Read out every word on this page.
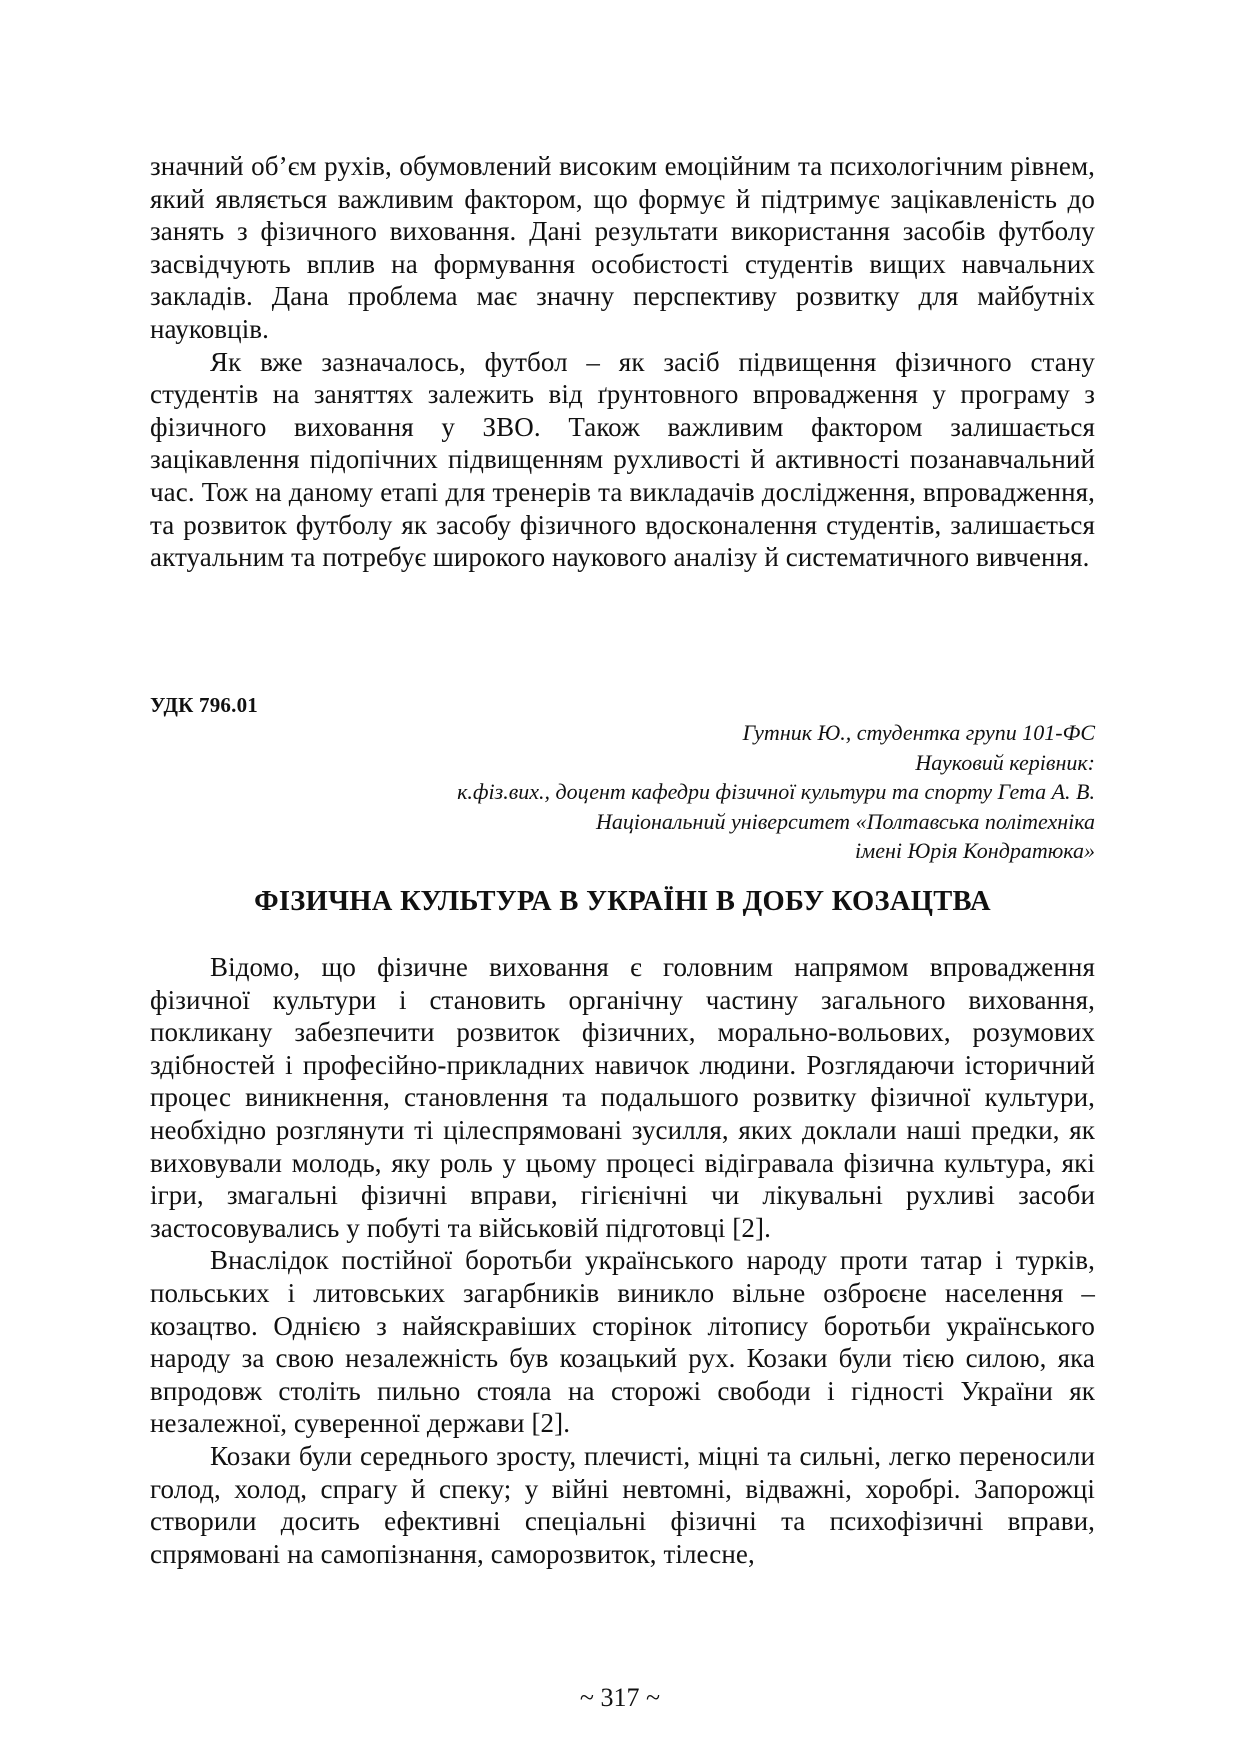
значний об’єм рухів, обумовлений високим емоційним та психологічним рівнем, який являється важливим фактором, що формує й підтримує зацікавленість до занять з фізичного виховання. Дані результати використання засобів футболу засвідчують вплив на формування особистості студентів вищих навчальних закладів. Дана проблема має значну перспективу розвитку для майбутніх науковців.

Як вже зазначалось, футбол – як засіб підвищення фізичного стану студентів на заняттях залежить від ґрунтовного впровадження у програму з фізичного виховання у ЗВО. Також важливим фактором залишається зацікавлення підопічних підвищенням рухливості й активності позанавчальний час. Тож на даному етапі для тренерів та викладачів дослідження, впровадження, та розвиток футболу як засобу фізичного вдосконалення студентів, залишається актуальним та потребує широкого наукового аналізу й систематичного вивчення.

УДК 796.01

Гутник Ю., студентка групи 101-ФС
Науковий керівник:
к.фіз.вих., доцент кафедри фізичної культури та спорту Гета А. В.
Національний університет «Полтавська політехніка
імені Юрія Кондратюка»
ФІЗИЧНА КУЛЬТУРА В УКРАЇНІ В ДОБУ КОЗАЦТВА

Відомо, що фізичне виховання є головним напрямом впровадження фізичної культури і становить органічну частину загального виховання, покликану забезпечити розвиток фізичних, морально-вольових, розумових здібностей і професійно-прикладних навичок людини. Розглядаючи історичний процес виникнення, становлення та подальшого розвитку фізичної культури, необхідно розглянути ті цілеспрямовані зусилля, яких доклали наші предки, як виховували молодь, яку роль у цьому процесі відігравала фізична культура, які ігри, змагальні фізичні вправи, гігієнічні чи лікувальні рухливі засоби застосовувались у побуті та військовій підготовці [2].

Внаслідок постійної боротьби українського народу проти татар і турків, польських і литовських загарбників виникло вільне озброєне населення – козацтво. Однією з найяскравіших сторінок літопису боротьби українського народу за свою незалежність був козацький рух. Козаки були тією силою, яка впродовж століть пильно стояла на сторожі свободи і гідності України як незалежної, суверенної держави [2].

Козаки були середнього зросту, плечисті, міцні та сильні, легко переносили голод, холод, спрагу й спеку; у війні невтомні, відважні, хоробрі. Запорожці створили досить ефективні спеціальні фізичні та психофізичні вправи, спрямовані на самопізнання, саморозвиток, тілесне,

~ 317 ~
